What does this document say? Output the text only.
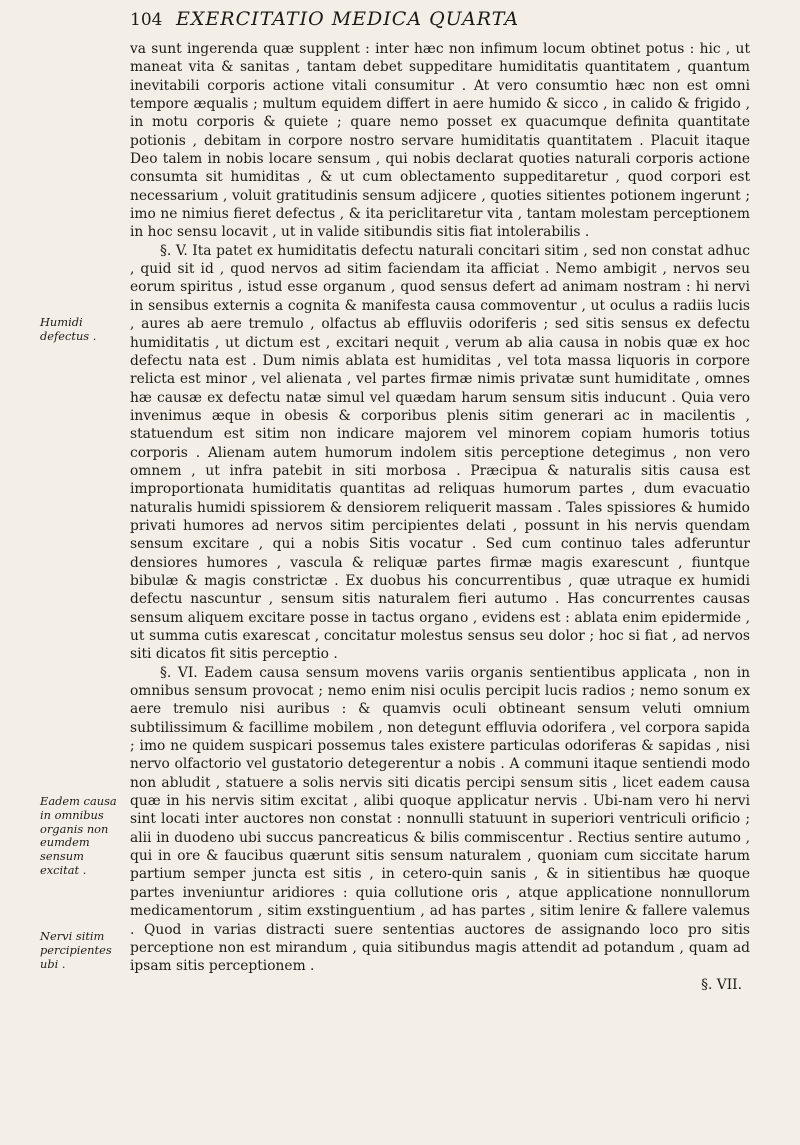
104 EXERCITATIO MEDICA QUARTA
Humidi defectus .
Eadem causa in omnibus organis non eumdem sensum excitat .
Nervi sitim percipientes ubi .

va sunt ingerenda quæ supplent : inter hæc non infimum locum obtinet potus : hic , ut maneat vita & sanitas , tantam debet suppeditare humiditatis quantitatem , quantum inevitabili corporis actione vitali consumitur . At vero consumtio hæc non est omni tempore æqualis ; multum equidem differt in aere humido & sicco , in calido & frigido , in motu corporis & quiete ; quare nemo posset ex quacumque definita quantitate potionis , debitam in corpore nostro servare humiditatis quantitatem . Placuit itaque Deo talem in nobis locare sensum , qui nobis declarat quoties naturali corporis actione consumta sit humiditas , & ut cum oblectamento suppeditaretur , quod corpori est necessarium , voluit gratitudinis sensum adjicere , quoties sitientes potionem ingerunt ; imo ne nimius fieret defectus , & ita periclitaretur vita , tantam molestam perceptionem in hoc sensu locavit , ut in valide sitibundis sitis fiat intolerabilis .

§. V. Ita patet ex humiditatis defectu naturali concitari sitim , sed non constat adhuc , quid sit id , quod nervos ad sitim faciendam ita afficiat . Nemo ambigit , nervos seu eorum spiritus , istud esse organum , quod sensus defert ad animam nostram : hi nervi in sensibus externis a cognita & manifesta causa commoventur , ut oculus a radiis lucis , aures ab aere tremulo , olfactus ab effluviis odoriferis ; sed sitis sensus ex defectu humiditatis , ut dictum est , excitari nequit , verum ab alia causa in nobis quæ ex hoc defectu nata est . Dum nimis ablata est humiditas , vel tota massa liquoris in corpore relicta est minor , vel alienata , vel partes firmæ nimis privatæ sunt humiditate , omnes hæ causæ ex defectu natæ simul vel quædam harum sensum sitis inducunt . Quia vero invenimus æque in obesis & corporibus plenis sitim generari ac in macilentis , statuendum est sitim non indicare majorem vel minorem copiam humoris totius corporis . Alienam autem humorum indolem sitis perceptione detegimus , non vero omnem , ut infra patebit in siti morbosa . Præcipua & naturalis sitis causa est improportionata humiditatis quantitas ad reliquas humorum partes , dum evacuatio naturalis humidi spissiorem & densiorem reliquerit massam . Tales spissiores & humido privati humores ad nervos sitim percipientes delati , possunt in his nervis quendam sensum excitare , qui a nobis Sitis vocatur . Sed cum continuo tales adferuntur densiores humores , vascula & reliquæ partes firmæ magis exarescunt , fiuntque bibulæ & magis constrictæ . Ex duobus his concurrentibus , quæ utraque ex humidi defectu nascuntur , sensum sitis naturalem fieri autumo . Has concurrentes causas sensum aliquem excitare posse in tactus organo , evidens est : ablata enim epidermide , ut summa cutis exarescat , concitatur molestus sensus seu dolor ; hoc si fiat , ad nervos siti dicatos fit sitis perceptio .

§. VI. Eadem causa sensum movens variis organis sentientibus applicata , non in omnibus sensum provocat ; nemo enim nisi oculis percipit lucis radios ; nemo sonum ex aere tremulo nisi auribus : & quamvis oculi obtineant sensum veluti omnium subtilissimum & facillime mobilem , non detegunt effluvia odorifera , vel corpora sapida ; imo ne quidem suspicari possemus tales existere particulas odoriferas & sapidas , nisi nervo olfactorio vel gustatorio detegerentur a nobis . A communi itaque sentiendi modo non abludit , statuere a solis nervis siti dicatis percipi sensum sitis , licet eadem causa quæ in his nervis sitim excitat , alibi quoque applicatur nervis . Ubi-nam vero hi nervi sint locati inter auctores non constat : nonnulli statuunt in superiori ventriculi orificio ; alii in duodeno ubi succus pancreaticus & bilis commiscentur . Rectius sentire autumo , qui in ore & faucibus quærunt sitis sensum naturalem , quoniam cum siccitate harum partium semper juncta est sitis , in cetero-quin sanis , & in sitientibus hæ quoque partes inveniuntur aridiores : quia collutione oris , atque applicatione nonnullorum medicamentorum , sitim exstinguentium , ad has partes , sitim lenire & fallere valemus . Quod in varias distracti suere sententias auctores de assignando loco pro sitis perceptione non est mirandum , quia sitibundus magis attendit ad potandum , quam ad ipsam sitis perceptionem .

§. VII.
